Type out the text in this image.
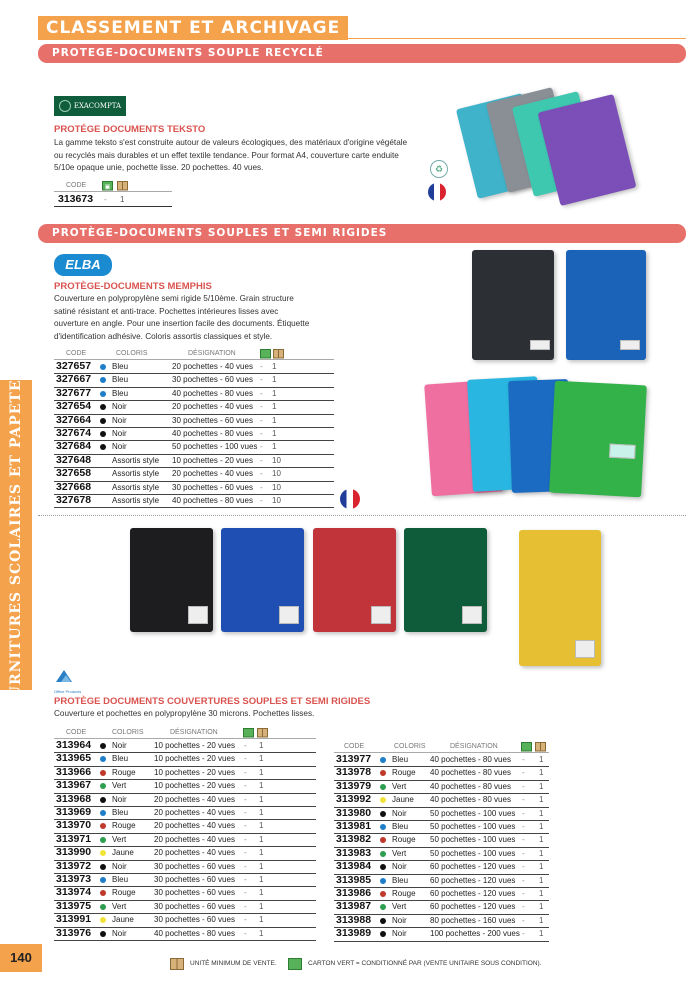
CLASSEMENT ET ARCHIVAGE
FOURNITURES SCOLAIRES ET PAPETERIE
PROTEGE-DOCUMENTS SOUPLE RECYCLÉ
EXACOMPTA
PROTÉGE DOCUMENTS TEKSTO
La gamme teksto s'est construite autour de valeurs écologiques, des matériaux d'origine végétale
ou recyclés mais durables et un effet textile tendance. Pour format A4, couverture carte enduite
5/10e opaque unie, pochette lisse. 20 pochettes. 40 vues.
CODE	▣
313673 - 1
♻
PROTÈGE-DOCUMENTS SOUPLES ET SEMI RIGIDES
ELBA
PROTÈGE-DOCUMENTS MEMPHIS
Couverture en polypropylène semi rigide 5/10ème. Grain structure
satiné résistant et anti-trace. Pochettes intérieures lisses avec
ouverture en angle. Pour une insertion facile des documents. Étiquette
d'identification adhésive. Coloris assortis classiques et style.
CODE	COLORIS	DÉSIGNATION
327657	Bleu	20 pochettes - 40 vues - 1
327667	Bleu	30 pochettes - 60 vues - 1
327677	Bleu	40 pochettes - 80 vues - 1
327654	Noir	20 pochettes - 40 vues - 1
327664	Noir	30 pochettes - 60 vues - 1
327674	Noir	40 pochettes - 80 vues - 1
327684	Noir	50 pochettes - 100 vues - 1
327648	Assortis style 10 pochettes - 20 vues - 10
327658	Assortis style 20 pochettes - 40 vues - 10
327668	Assortis style 30 pochettes - 60 vues - 10
327678	Assortis style 40 pochettes - 80 vues - 10
Office Products
PROTÈGE DOCUMENTS COUVERTURES SOUPLES ET SEMI RIGIDES
Couverture et pochettes en polypropylène 30 microns. Pochettes lisses.
CODE	COLORIS	DÉSIGNATION
313964	Noir	10 pochettes - 20 vues - 1
313965	Bleu	10 pochettes - 20 vues - 1
313966	Rouge 10 pochettes - 20 vues - 1
313967	Vert	10 pochettes - 20 vues - 1
313968	Noir	20 pochettes - 40 vues - 1
313969	Bleu	20 pochettes - 40 vues - 1
313970	Rouge 20 pochettes - 40 vues - 1
313971	Vert	20 pochettes - 40 vues - 1
313990	Jaune	20 pochettes - 40 vues - 1
313972	Noir	30 pochettes - 60 vues - 1
313973	Bleu	30 pochettes - 60 vues - 1
313974	Rouge 30 pochettes - 60 vues - 1
313975	Vert	30 pochettes - 60 vues - 1
313991	Jaune	30 pochettes - 60 vues - 1
313976	Noir	40 pochettes - 80 vues - 1
CODE	COLORIS	DÉSIGNATION
313977	Bleu	40 pochettes - 80 vues - 1
313978	Rouge 40 pochettes - 80 vues - 1
313979	Vert	40 pochettes - 80 vues - 1
313992	Jaune 40 pochettes - 80 vues - 1
313980	Noir	50 pochettes - 100 vues - 1
313981	Bleu	50 pochettes - 100 vues - 1
313982	Rouge 50 pochettes - 100 vues - 1
313983	Vert	50 pochettes - 100 vues - 1
313984	Noir	60 pochettes - 120 vues - 1
313985	Bleu	60 pochettes - 120 vues - 1
313986	Rouge 60 pochettes - 120 vues - 1
313987	Vert	60 pochettes - 120 vues - 1
313988	Noir	80 pochettes - 160 vues - 1
313989	Noir	100 pochettes - 200 vues - 1
140	UNITÉ MINIMUM DE VENTE.	CARTON VERT = CONDITIONNÉ PAR (VENTE UNITAIRE SOUS CONDITION).
